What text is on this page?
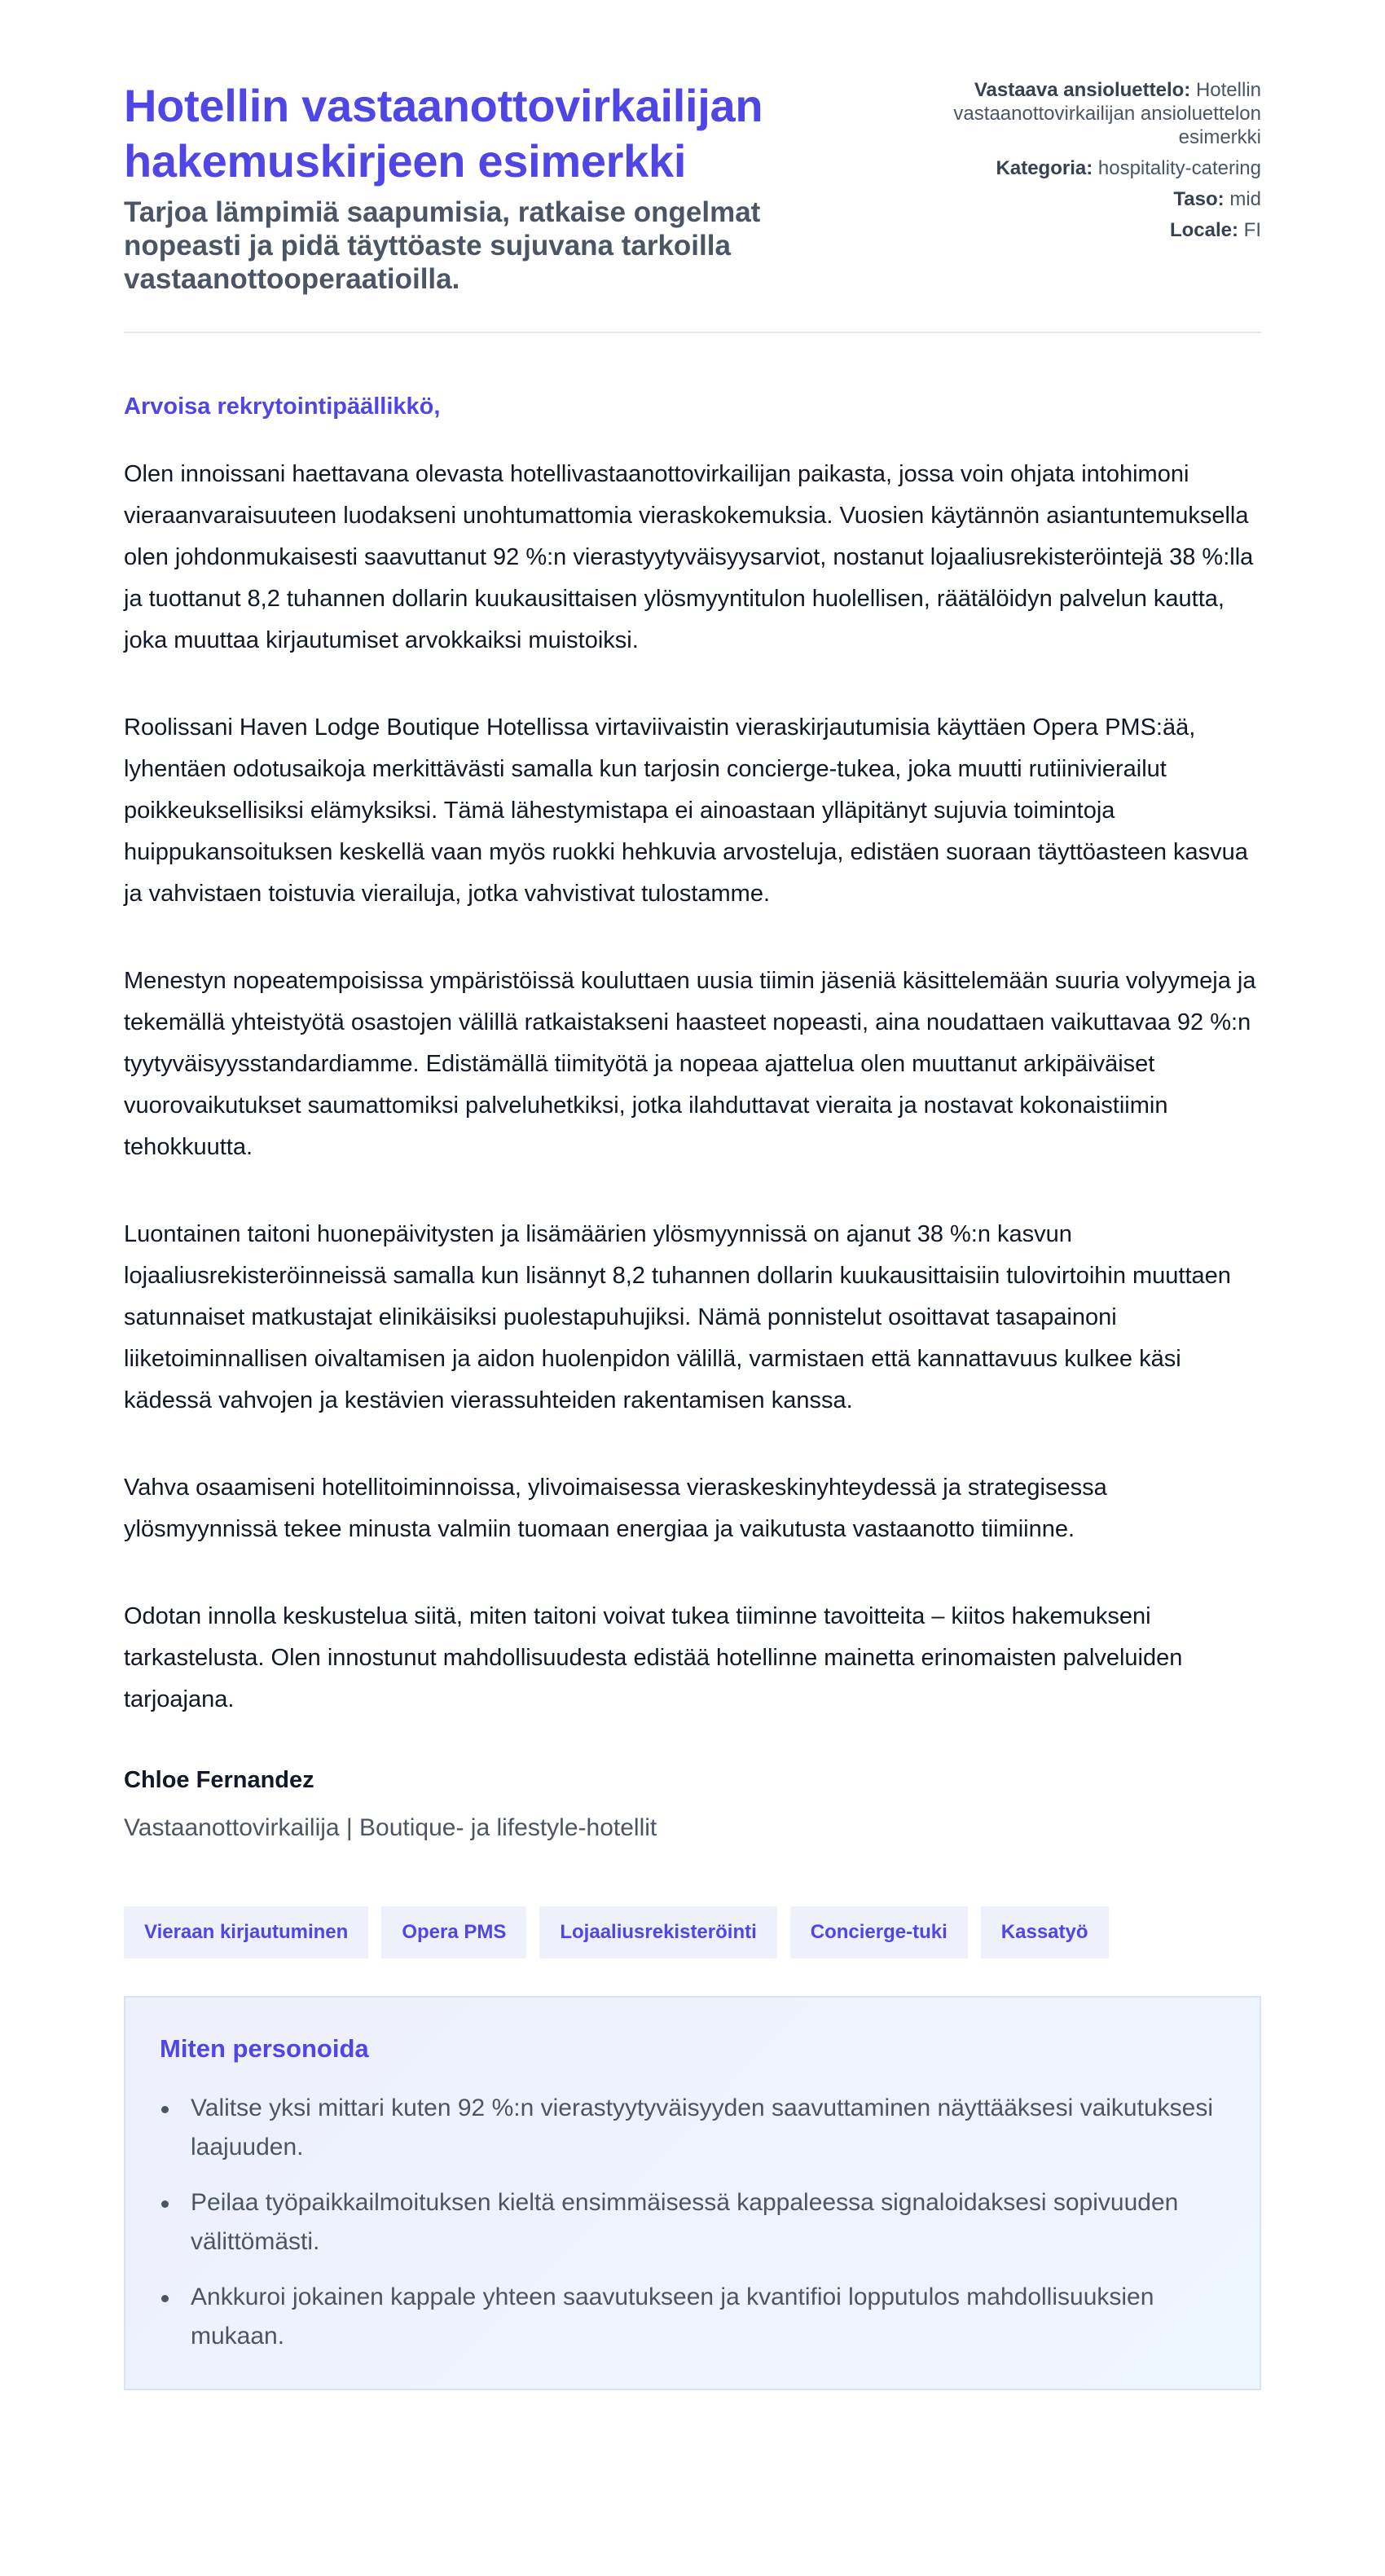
Hotellin vastaanottovirkailijan hakemuskirjeen esimerkki

Tarjoa lämpimiä saapumisia, ratkaise ongelmat nopeasti ja pidä täyttöaste sujuvana tarkoilla vastaanottooperaatioilla.

Vastaava ansioluettelo: Hotellin vastaanottovirkailijan ansioluettelon esimerkki
Kategoria: hospitality-catering
Taso: mid
Locale: FI

Arvoisa rekrytointipäällikkö,

Olen innoissani haettavana olevasta hotellivastaanottovirkailijan paikasta, jossa voin ohjata intohimoni vieraanvaraisuuteen luodakseni unohtumattomia vieraskokemuksia. Vuosien käytännön asiantuntemuksella olen johdonmukaisesti saavuttanut 92 %:n vierastyytyväisyysarviot, nostanut lojaaliusrekisteröintejä 38 %:lla ja tuottanut 8,2 tuhannen dollarin kuukausittaisen ylösmyyntitulon huolellisen, räätälöidyn palvelun kautta, joka muuttaa kirjautumiset arvokkaiksi muistoiksi.

Roolissani Haven Lodge Boutique Hotellissa virtaviivaistin vieraskirjautumisia käyttäen Opera PMS:ää, lyhentäen odotusaikoja merkittävästi samalla kun tarjosin concierge-tukea, joka muutti rutiinivierailut poikkeuksellisiksi elämyksiksi. Tämä lähestymistapa ei ainoastaan ylläpitänyt sujuvia toimintoja huippukansoituksen keskellä vaan myös ruokki hehkuvia arvosteluja, edistäen suoraan täyttöasteen kasvua ja vahvistaen toistuvia vierailuja, jotka vahvistivat tulostamme.

Menestyn nopeatempoisissa ympäristöissä kouluttaen uusia tiimin jäseniä käsittelemään suuria volyymeja ja tekemällä yhteistyötä osastojen välillä ratkaistakseni haasteet nopeasti, aina noudattaen vaikuttavaa 92 %:n tyytyväisyysstandardiamme. Edistämällä tiimityötä ja nopeaa ajattelua olen muuttanut arkipäiväiset vuorovaikutukset saumattomiksi palveluhetkiksi, jotka ilahduttavat vieraita ja nostavat kokonaistiimin tehokkuutta.

Luontainen taitoni huonepäivitysten ja lisämäärien ylösmyynnissä on ajanut 38 %:n kasvun lojaaliusrekisteröinneissä samalla kun lisännyt 8,2 tuhannen dollarin kuukausittaisiin tulovirtoihin muuttaen satunnaiset matkustajat elinikäisiksi puolestapuhujiksi. Nämä ponnistelut osoittavat tasapainoni liiketoiminnallisen oivaltamisen ja aidon huolenpidon välillä, varmistaen että kannattavuus kulkee käsi kädessä vahvojen ja kestävien vierassuhteiden rakentamisen kanssa.

Vahva osaamiseni hotellitoiminnoissa, ylivoimaisessa vieraskeskinyhteydessä ja strategisessa ylösmyynnissä tekee minusta valmiin tuomaan energiaa ja vaikutusta vastaanotto tiimiinne.

Odotan innolla keskustelua siitä, miten taitoni voivat tukea tiiminne tavoitteita – kiitos hakemukseni tarkastelusta. Olen innostunut mahdollisuudesta edistää hotellinne mainetta erinomaisten palveluiden tarjoajana.

Chloe Fernandez

Vastaanottovirkailija | Boutique- ja lifestyle-hotellit

Vieraan kirjautuminen	Opera PMS	Lojaaliusrekisteröinti	Concierge-tuki	Kassatyö
Miten personoida
Valitse yksi mittari kuten 92 %:n vierastyytyväisyyden saavuttaminen näyttääksesi vaikutuksesi laajuuden.
Peilaa työpaikkailmoituksen kieltä ensimmäisessä kappaleessa signaloidaksesi sopivuuden välittömästi.
Ankkuroi jokainen kappale yhteen saavutukseen ja kvantifioi lopputulos mahdollisuuksien mukaan.
